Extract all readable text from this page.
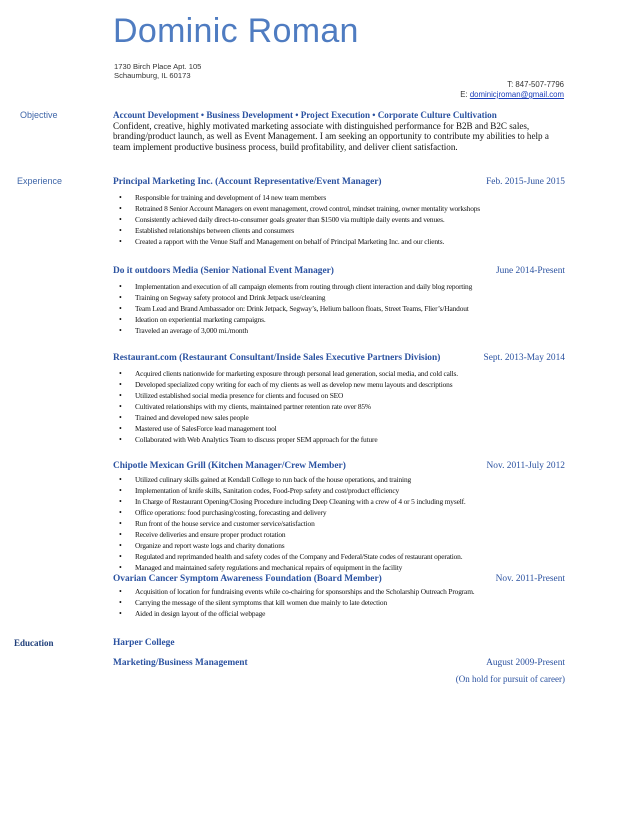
Dominic Roman
1730 Birch Place Apt. 105
Schaumburg, IL 60173
T: 847-507-7796
E: dominicjroman@gmail.com
Objective	Account Development • Business Development • Project Execution • Corporate Culture Cultivation
Confident, creative, highly motivated marketing associate with distinguished performance for B2B and B2C sales, branding/product launch, as well as Event Management. I am seeking an opportunity to contribute my abilities to help a team implement productive business process, build profitability, and deliver client satisfaction.
Experience	Principal Marketing Inc. (Account Representative/Event Manager)	Feb. 2015-June 2015
• Responsible for training and development of 14 new team members
• Retrained 8 Senior Account Managers on event management, crowd control, mindset training, owner mentality workshops
• Consistently achieved daily direct-to-consumer goals greater than $1500 via multiple daily events and venues.
• Established relationships between clients and consumers
• Created a rapport with the Venue Staff and Management on behalf of Principal Marketing Inc. and our clients.
Do it outdoors Media (Senior National Event Manager)	June 2014-Present
• Implementation and execution of all campaign elements from routing through client interaction and daily blog reporting
• Training on Segway safety protocol and Drink Jetpack use/cleaning
• Team Lead and Brand Ambassador on: Drink Jetpack, Segway’s, Helium balloon floats, Street Teams, Flier’s/Handout
• Ideation on experiential marketing campaigns.
• Traveled an average of 3,000 mi./month
Restaurant.com (Restaurant Consultant/Inside Sales Executive Partners Division)	Sept. 2013-May 2014
• Acquired clients nationwide for marketing exposure through personal lead generation, social media, and cold calls.
• Developed specialized copy writing for each of my clients as well as develop new menu layouts and descriptions
• Utilized established social media presence for clients and focused on SEO
• Cultivated relationships with my clients, maintained partner retention rate over 85%
• Trained and developed new sales people
• Mastered use of SalesForce lead management tool
• Collaborated with Web Analytics Team to discuss proper SEM approach for the future
Chipotle Mexican Grill (Kitchen Manager/Crew Member)	Nov. 2011-July 2012
• Utilized culinary skills gained at Kendall College to run back of the house operations, and training
• Implementation of knife skills, Sanitation codes, Food-Prep safety and cost/product efficiency
• In Charge of Restaurant Opening/Closing Procedure including Deep Cleaning with a crew of 4 or 5 including myself.
• Office operations: food purchasing/costing, forecasting and delivery
• Run front of the house service and customer service/satisfaction
• Receive deliveries and ensure proper product rotation
• Organize and report waste logs and charity donations
• Regulated and reprimanded health and safety codes of the Company and Federal/State codes of restaurant operation.
• Managed and maintained safety regulations and mechanical repairs of equipment in the facility
Ovarian Cancer Symptom Awareness Foundation (Board Member)	Nov. 2011-Present
• Acquisition of location for fundraising events while co-chairing for sponsorships and the Scholarship Outreach Program.
• Carrying the message of the silent symptoms that kill women due mainly to late detection
• Aided in design layout of the official webpage
Education	Harper College
Marketing/Business Management	August 2009-Present
(On hold for pursuit of career)
